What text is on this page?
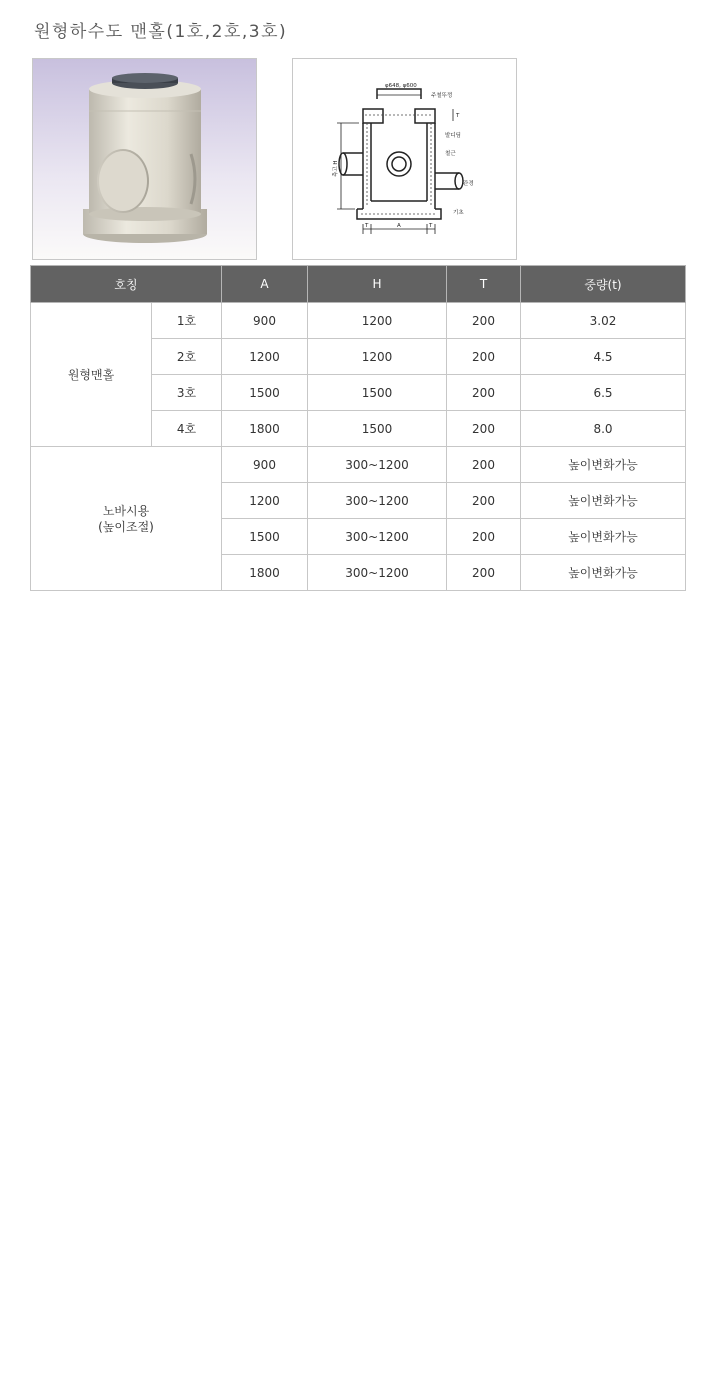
원형하수도 맨홀(1호,2호,3호)
φ648, φ600
주철뚜껑
T
발디딤
철근
관경
기초
T	A	T
측고 H
호칭		A	H	T	중량(t)
원형맨홀	1호	900	1200	200	3.02
	2호	1200	1200	200	4.5
	3호	1500	1500	200	6.5
	4호	1800	1500	200	8.0

노바시용
(높이조절)		900	300~1200	200	높이변화가능
		1200	300~1200	200	높이변화가능
		1500	300~1200	200	높이변화가능
		1800	300~1200	200	높이변화가능
